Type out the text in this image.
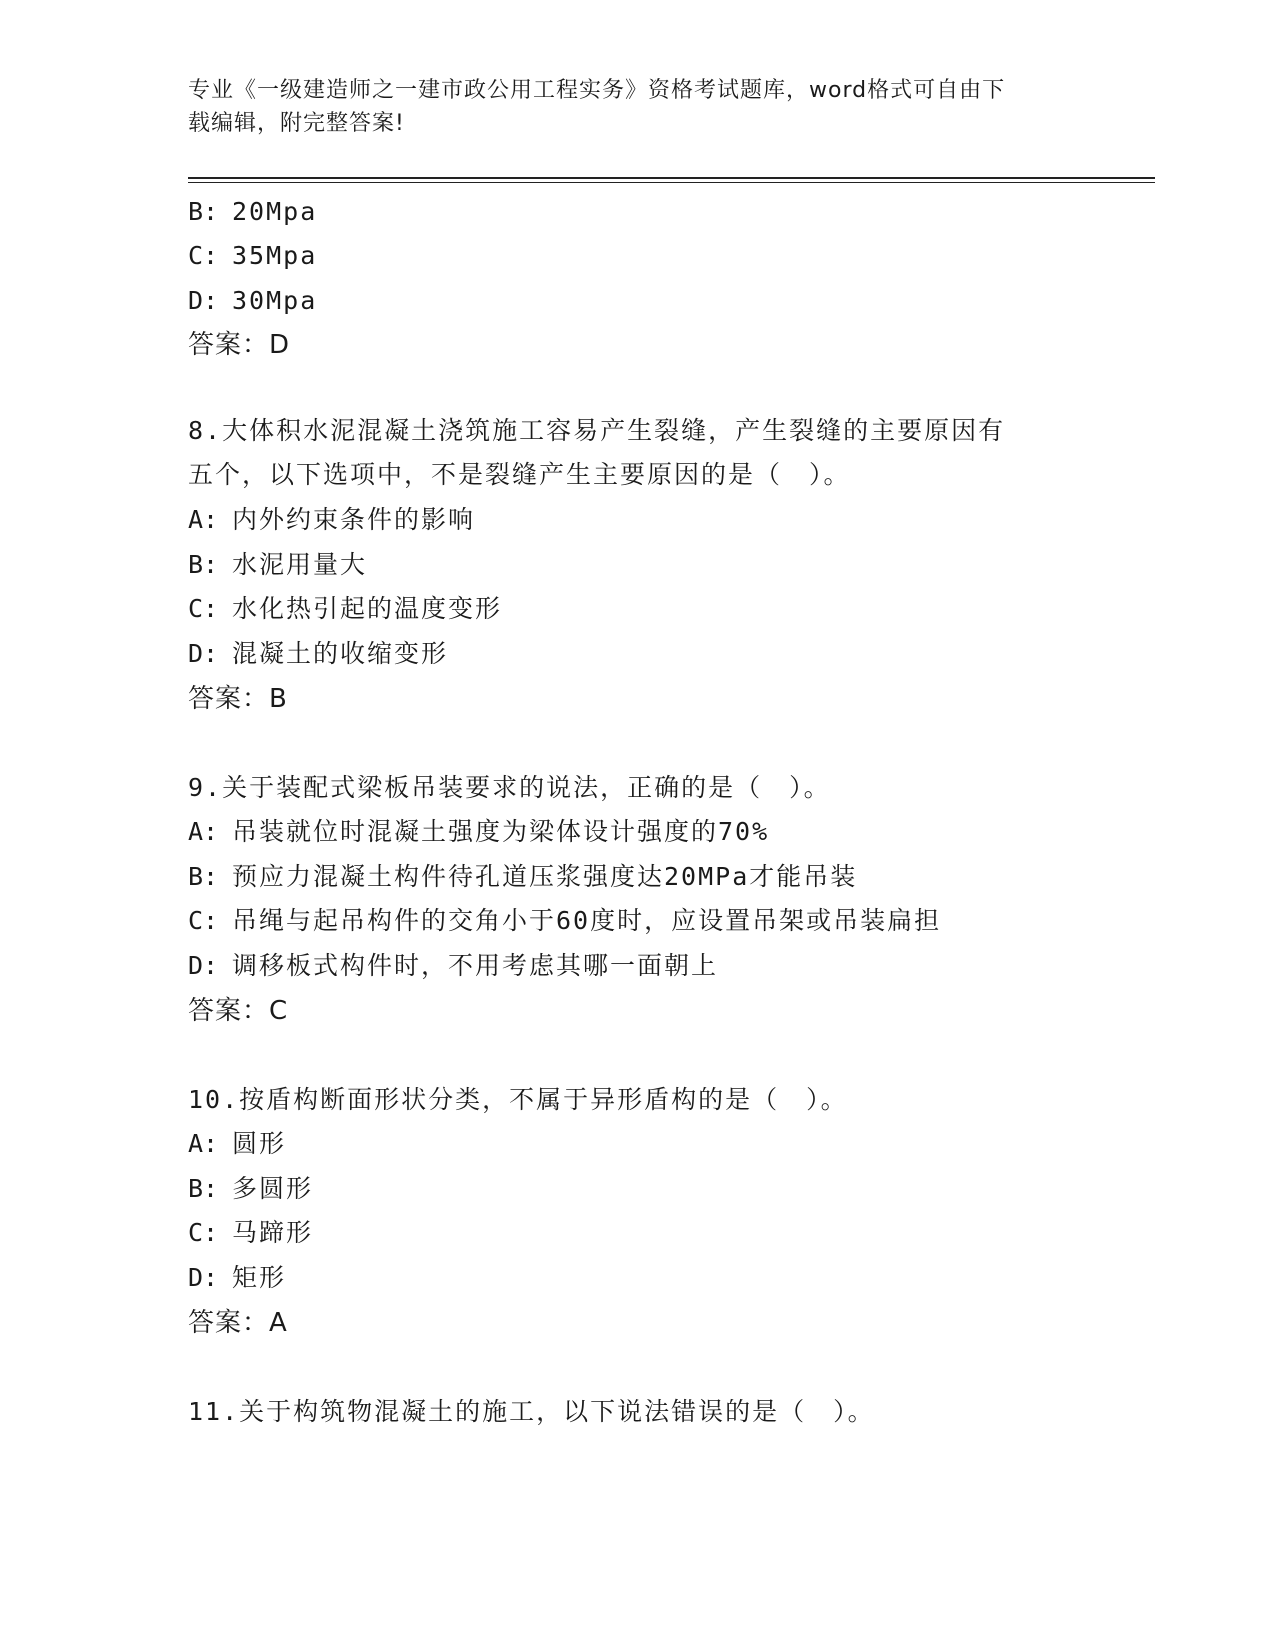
专业《一级建造师之一建市政公用工程实务》资格考试题库，word格式可自由下
载编辑，附完整答案!
B: 20Mpa
C: 35Mpa
D: 30Mpa
答案：D
8.大体积水泥混凝土浇筑施工容易产生裂缝，产生裂缝的主要原因有
五个，以下选项中，不是裂缝产生主要原因的是（　）。
A: 内外约束条件的影响
B: 水泥用量大
C: 水化热引起的温度变形
D: 混凝土的收缩变形
答案：B
9.关于装配式梁板吊装要求的说法，正确的是（　）。
A: 吊装就位时混凝土强度为梁体设计强度的70%
B: 预应力混凝土构件待孔道压浆强度达20MPa才能吊装
C: 吊绳与起吊构件的交角小于60度时，应设置吊架或吊装扁担
D: 调移板式构件时，不用考虑其哪一面朝上
答案：C
10.按盾构断面形状分类，不属于异形盾构的是（　）。
A: 圆形
B: 多圆形
C: 马蹄形
D: 矩形
答案：A
11.关于构筑物混凝土的施工，以下说法错误的是（　）。
